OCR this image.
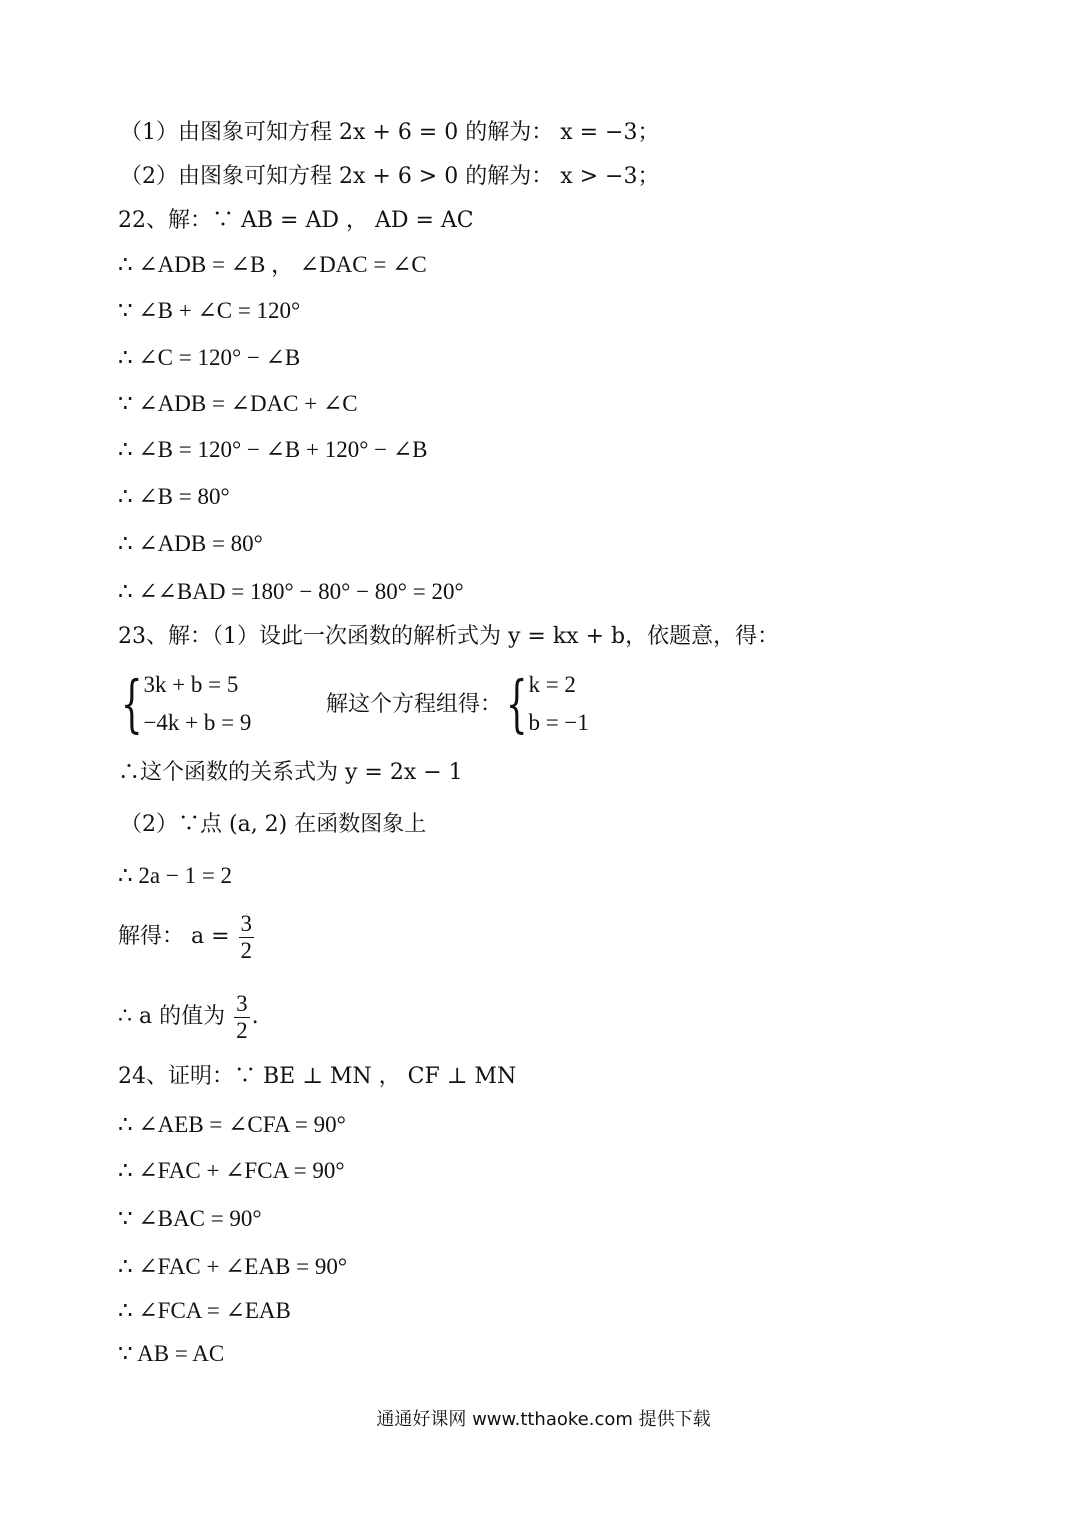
（1）由图象可知方程 2x + 6 = 0 的解为： x = −3；
（2）由图象可知方程 2x + 6 > 0 的解为： x > −3；
22、解：∵ AB = AD ， AD = AC
∴ ∠ADB = ∠B ， ∠DAC = ∠C
∵ ∠B + ∠C = 120°
∴ ∠C = 120° − ∠B
∵ ∠ADB = ∠DAC + ∠C
∴ ∠B = 120° − ∠B + 120° − ∠B
∴ ∠B = 80°
∴ ∠ADB = 80°
∴ ∠∠BAD = 180° − 80° − 80° = 20°
23、解：（1）设此一次函数的解析式为 y = kx + b，依题意，得：
{ 3k + b = 5
−4k + b = 9
解这个方程组得： { k = 2
b = −1
∴这个函数的关系式为 y = 2x − 1
（2）∵点 (a, 2) 在函数图象上
∴ 2a − 1 = 2
解得： $a = \frac{3}{2}$
∴ a 的值为 $\frac{3}{2}$ .
24、证明：∵ BE ⊥ MN ， CF ⊥ MN
∴ ∠AEB = ∠CFA = 90°
∴ ∠FAC + ∠FCA = 90°
∵ ∠BAC = 90°
∴ ∠FAC + ∠EAB = 90°
∴ ∠FCA = ∠EAB
∵ AB = AC
通通好课网 www.tthaoke.com 提供下载
